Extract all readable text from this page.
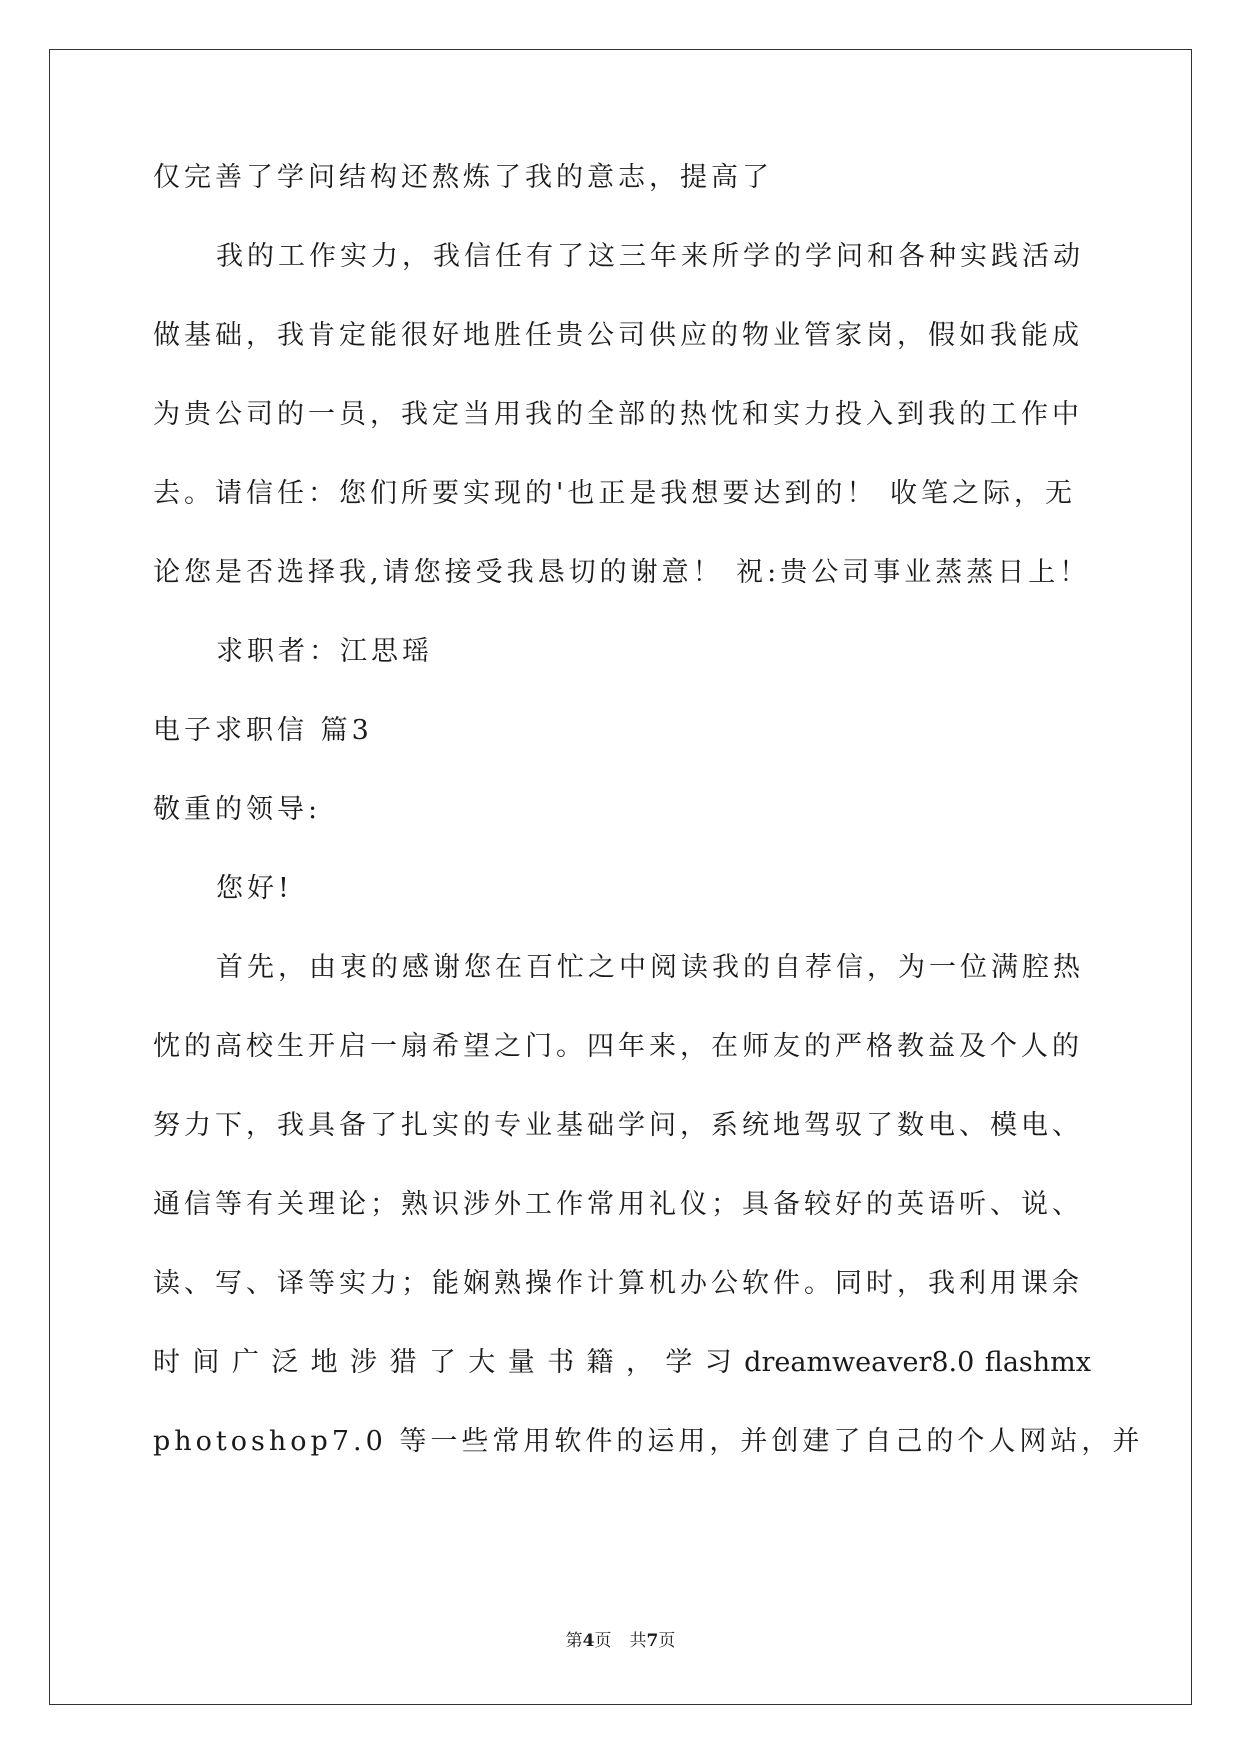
仅完善了学问结构还熬炼了我的意志，提高了
我的工作实力，我信任有了这三年来所学的学问和各种实践活动
做基础，我肯定能很好地胜任贵公司供应的物业管家岗，假如我能成
为贵公司的一员，我定当用我的全部的热忱和实力投入到我的工作中
去。请信任：您们所要实现的'也正是我想要达到的！ 收笔之际，无
论您是否选择我,请您接受我恳切的谢意！ 祝:贵公司事业蒸蒸日上！
求职者：江思瑶
电子求职信 篇3
敬重的领导:
您好!
首先，由衷的感谢您在百忙之中阅读我的自荐信，为一位满腔热
忱的高校生开启一扇希望之门。四年来，在师友的严格教益及个人的
努力下，我具备了扎实的专业基础学问，系统地驾驭了数电、模电、
通信等有关理论；熟识涉外工作常用礼仪；具备较好的英语听、说、
读、写、译等实力；能娴熟操作计算机办公软件。同时，我利用课余
时 间 广 泛 地 涉 猎 了 大 量 书 籍 ， 学 习 dreamweaver8.0 flashmx
photoshop7.0 等一些常用软件的运用，并创建了自己的个人网站，并
第4页 共7页
